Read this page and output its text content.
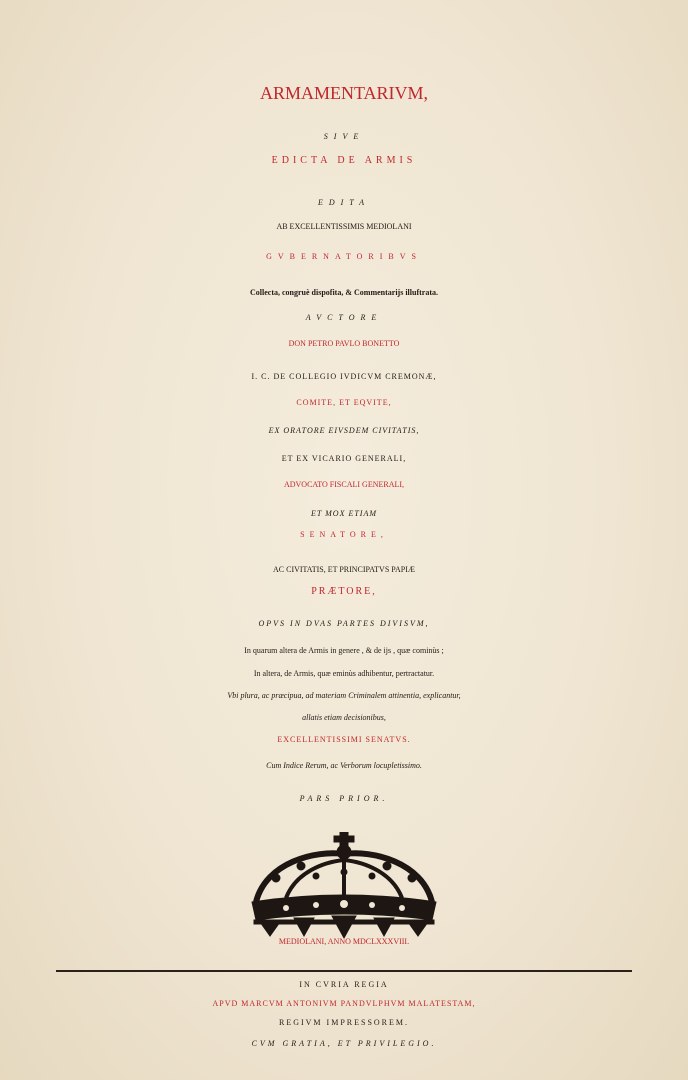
ARMAMENTARIVM,
SIVE
EDICTA DE ARMIS
EDITA
AB EXCELLENTISSIMIS MEDIOLANI
GVBERNATORIBVS
Collecta, congruè dispofita, & Commentarijs illuftrata.
AVCTORE
DON PETRO PAVLO BONETTO
I. C. DE COLLEGIO IVDICVM CREMONÆ,
COMITE, ET EQVITE,
EX ORATORE EIVSDEM CIVITATIS,
ET EX VICARIO GENERALI,
ADVOCATO FISCALI GENERALI,
ET MOX ETIAM
SENATORE,
AC CIVITATIS, ET PRINCIPATVS PAPIÆ
PRÆTORE,
OPVS IN DVAS PARTES DIVISVM,
In quarum altera de Armis in genere , & de ijs , quæ cominùs ;
In altera, de Armis, quæ eminùs adhibentur, pertractatur.
Vbi plura, ac præcipua, ad materiam Criminalem attinentia, explicantur,
allatis etiam decisionibus,
EXCELLENTISSIMI SENATVS.
Cum Indice Rerum, ac Verborum locupletissimo.
PARS PRIOR.
MEDIOLANI, ANNO MDCLXXXVIII.
IN CVRIA REGIA
APVD MARCVM ANTONIVM PANDVLPHVM MALATESTAM,
REGIVM IMPRESSOREM.
CVM GRATIA, ET PRIVILEGIO.
